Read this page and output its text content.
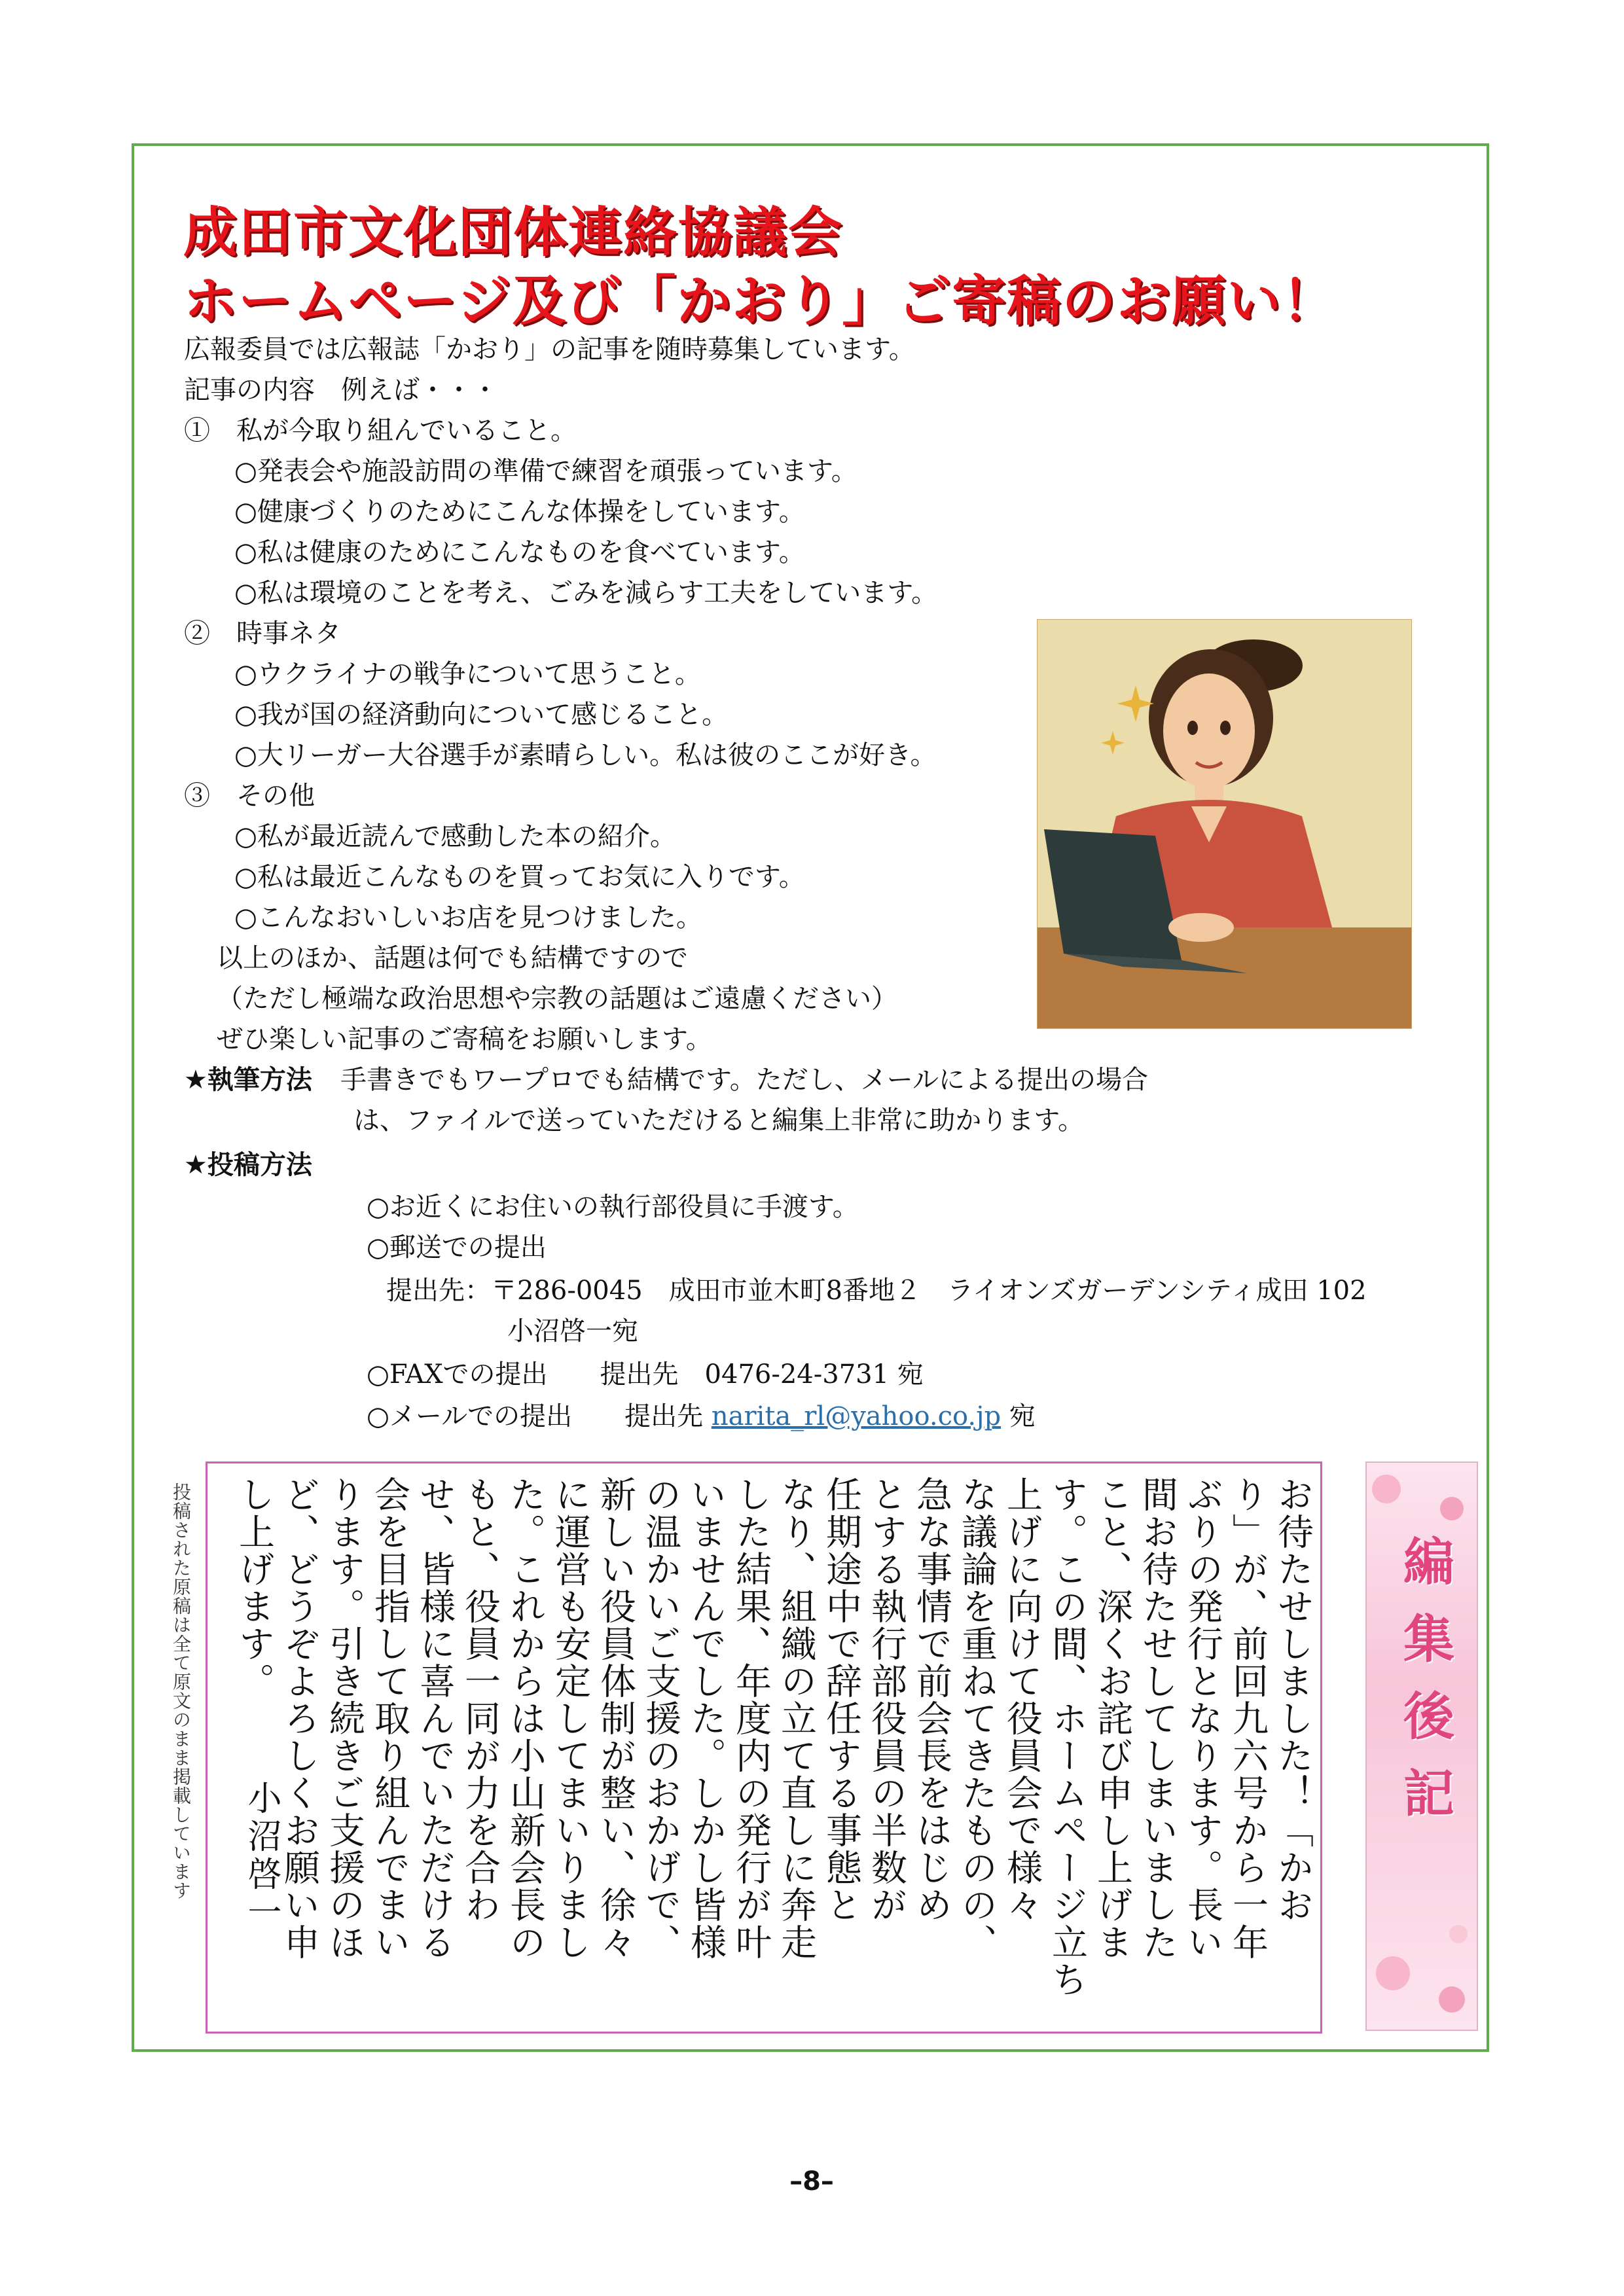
成田市文化団体連絡協議会
ホームページ及び「かおり」ご寄稿のお願い！
広報委員では広報誌「かおり」の記事を随時募集しています。
記事の内容　例えば・・・
①　私が今取り組んでいること。
○発表会や施設訪問の準備で練習を頑張っています。
○健康づくりのためにこんな体操をしています。
○私は健康のためにこんなものを食べています。
○私は環境のことを考え、ごみを減らす工夫をしています。
②　時事ネタ
○ウクライナの戦争について思うこと。
○我が国の経済動向について感じること。
○大リーガー大谷選手が素晴らしい。私は彼のここが好き。
③　その他
○私が最近読んで感動した本の紹介。
○私は最近こんなものを買ってお気に入りです。
○こんなおいしいお店を見つけました。
以上のほか、話題は何でも結構ですので
（ただし極端な政治思想や宗教の話題はご遠慮ください）
ぜひ楽しい記事のご寄稿をお願いします。
★執筆方法 手書きでもワープロでも結構です。ただし、メールによる提出の場合
は、ファイルで送っていただけると編集上非常に助かります。
★投稿方法
○お近くにお住いの執行部役員に手渡す。
○郵送での提出
提出先：〒286-0045　成田市並木町8番地２　ライオンズガーデンシティ成田 102
小沼啓一宛
○FAXでの提出　　提出先　0476-24-3731 宛
○メールでの提出　　提出先 narita_rl@yahoo.co.jp 宛
お待たせしました！「かお
り」が、前回九六号から一年
ぶりの発行となります。長い
間お待たせしてしまいました
こと、深くお詫び申し上げま
す。この間、ホームページ立ち
上げに向けて役員会で様々
な議論を重ねてきたものの、
急な事情で前会長をはじめ
とする執行部役員の半数が
任期途中で辞任する事態と
なり、組織の立て直しに奔走
した結果、年度内の発行が叶
いませんでした。しかし皆様
の温かいご支援のおかげで、
新しい役員体制が整い、徐々
に運営も安定してまいりまし
た。これからは小山新会長の
もと、役員一同が力を合わ
せ、皆様に喜んでいただける
会を目指して取り組んでまい
ります。引き続きご支援のほ
ど、どうぞよろしくお願い申
し上げます。
小沼啓一
投稿された原稿は全て原文のまま掲載しています	編集後記
–8–
